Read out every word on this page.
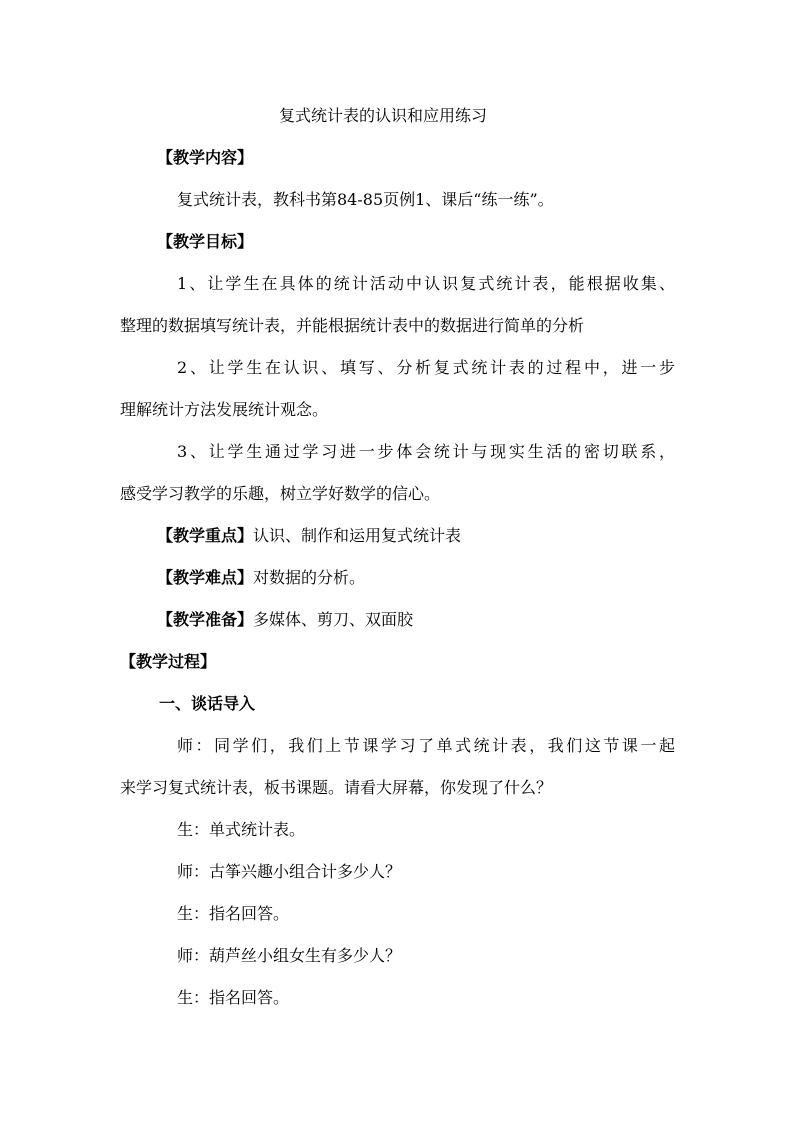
复式统计表的认识和应用练习
【教学内容】
复式统计表，教科书第84-85页例1、课后“练一练”。
【教学目标】
1、让学生在具体的统计活动中认识复式统计表，能根据收集、
整理的数据填写统计表，并能根据统计表中的数据进行简单的分析
2、让学生在认识、填写、分析复式统计表的过程中，进一步
理解统计方法发展统计观念。
3、让学生通过学习进一步体会统计与现实生活的密切联系，
感受学习教学的乐趣，树立学好数学的信心。
【教学重点】认识、制作和运用复式统计表
【教学难点】对数据的分析。
【教学准备】多媒体、剪刀、双面胶
【教学过程】
一、谈话导入
师：同学们，我们上节课学习了单式统计表，我们这节课一起
来学习复式统计表，板书课题。请看大屏幕，你发现了什么？
生：单式统计表。
师：古筝兴趣小组合计多少人？
生：指名回答。
师：葫芦丝小组女生有多少人？
生：指名回答。
